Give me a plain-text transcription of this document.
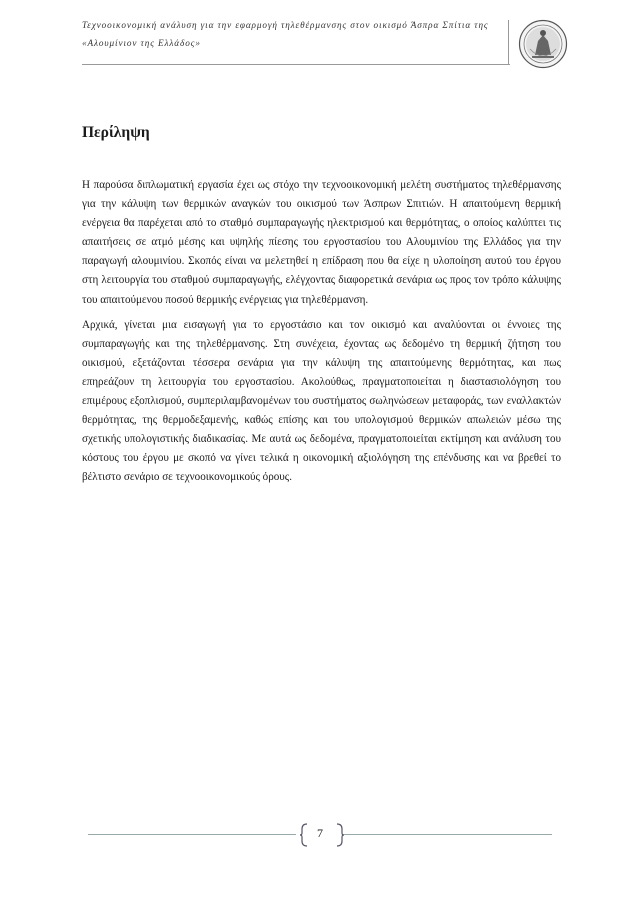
Τεχνοοικονομική ανάλυση για την εφαρμογή τηλεθέρμανσης στον οικισμό Άσπρα Σπίτια της «Αλουμίνιον της Ελλάδος»
Περίληψη

Η παρούσα διπλωματική εργασία έχει ως στόχο την τεχνοοικονομική μελέτη συστήματος τηλεθέρμανσης για την κάλυψη των θερμικών αναγκών του οικισμού των Άσπρων Σπιτιών. Η απαιτούμενη θερμική ενέργεια θα παρέχεται από το σταθμό συμπαραγωγής ηλεκτρισμού και θερμότητας, ο οποίος καλύπτει τις απαιτήσεις σε ατμό μέσης και υψηλής πίεσης του εργοστασίου του Αλουμινίου της Ελλάδος για την παραγωγή αλουμινίου. Σκοπός είναι να μελετηθεί η επίδραση που θα είχε η υλοποίηση αυτού του έργου στη λειτουργία του σταθμού συμπαραγωγής, ελέγχοντας διαφορετικά σενάρια ως προς τον τρόπο κάλυψης του απαιτούμενου ποσού θερμικής ενέργειας για τηλεθέρμανση.

Αρχικά, γίνεται μια εισαγωγή για το εργοστάσιο και τον οικισμό και αναλύονται οι έννοιες της συμπαραγωγής και της τηλεθέρμανσης. Στη συνέχεια, έχοντας ως δεδομένο τη θερμική ζήτηση του οικισμού, εξετάζονται τέσσερα σενάρια για την κάλυψη της απαιτούμενης θερμότητας, και πως επηρεάζουν τη λειτουργία του εργοστασίου. Ακολούθως, πραγματοποιείται η διαστασιολόγηση του επιμέρους εξοπλισμού, συμπεριλαμβανομένων του συστήματος σωληνώσεων μεταφοράς, των εναλλακτών θερμότητας, της θερμοδεξαμενής, καθώς επίσης και του υπολογισμού θερμικών απωλειών μέσω της σχετικής υπολογιστικής διαδικασίας. Με αυτά ως δεδομένα, πραγματοποιείται εκτίμηση και ανάλυση του κόστους του έργου με σκοπό να γίνει τελικά η οικονομική αξιολόγηση της επένδυσης και να βρεθεί το βέλτιστο σενάριο σε τεχνοοικονομικούς όρους.

7
